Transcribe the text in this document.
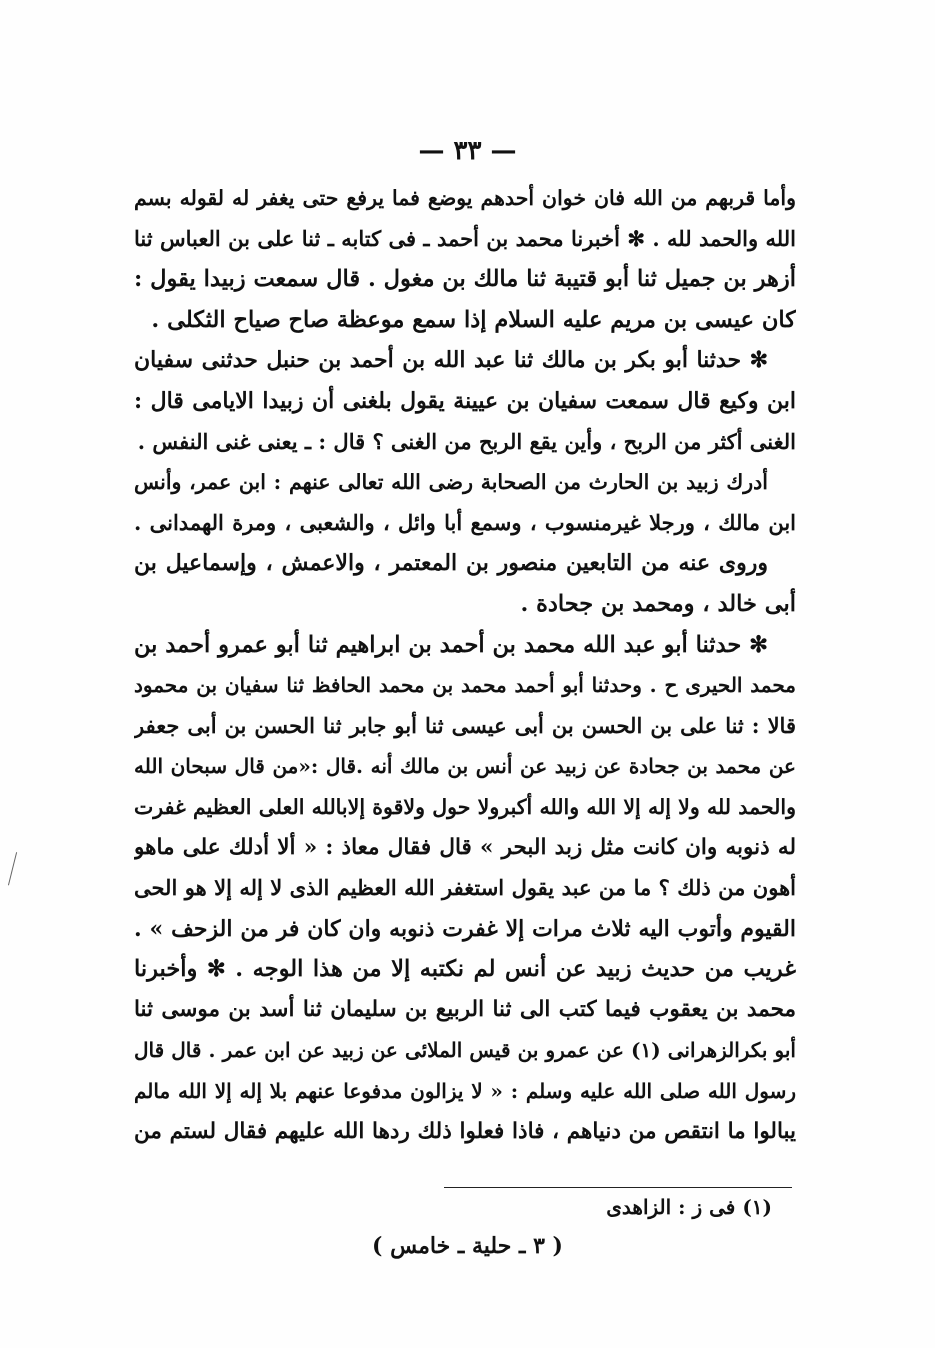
— ٣٣ —
وأما قربهم من الله فان خوان أحدهم يوضع فما يرفع حتى يغفر له لقوله بسم
الله والحمد لله . ✻ أخبرنا محمد بن أحمد ـ فى كتابه ـ ثنا على بن العباس ثنا
أزهر بن جميل ثنا أبو قتيبة ثنا مالك بن مغول . قال سمعت زبيدا يقول :
كان عيسى بن مريم عليه السلام إذا سمع موعظة صاح صياح الثكلى .
✻ حدثنا أبو بكر بن مالك ثنا عبد الله بن أحمد بن حنبل حدثنى سفيان
ابن وكيع قال سمعت سفيان بن عيينة يقول بلغنى أن زبيدا الايامى قال :
الغنى أكثر من الربح ، وأين يقع الربح من الغنى ؟ قال : ـ يعنى غنى النفس .
أدرك زبيد بن الحارث من الصحابة رضى الله تعالى عنهم : ابن عمر، وأنس
ابن مالك ، ورجلا غيرمنسوب ، وسمع أبا وائل ، والشعبى ، ومرة الهمدانى .
وروى عنه من التابعين منصور بن المعتمر ، والاعمش ، وإسماعيل بن
أبى خالد ، ومحمد بن جحادة .
✻ حدثنا أبو عبد الله محمد بن أحمد بن ابراهيم ثنا أبو عمرو أحمد بن
محمد الحيرى ح . وحدثنا أبو أحمد محمد بن محمد الحافظ ثنا سفيان بن محمود
قالا : ثنا على بن الحسن بن أبى عيسى ثنا أبو جابر ثنا الحسن بن أبى جعفر
عن محمد بن جحادة عن زبيد عن أنس بن مالك أنه .قال :«من قال سبحان الله
والحمد لله ولا إله إلا الله والله أكبرولا حول ولاقوة إلابالله العلى العظيم غفرت
له ذنوبه وان كانت مثل زبد البحر » قال فقال معاذ : « ألا أدلك على ماهو
أهون من ذلك ؟ ما من عبد يقول استغفر الله العظيم الذى لا إله إلا هو الحى
القيوم وأتوب اليه ثلاث مرات إلا غفرت ذنوبه وان كان فر من الزحف » .
غريب من حديث زبيد عن أنس لم نكتبه إلا من هذا الوجه . ✻ وأخبرنا
محمد بن يعقوب فيما كتب الى ثنا الربيع بن سليمان ثنا أسد بن موسى ثنا
أبو بكرالزهرانى (١) عن عمرو بن قيس الملائى عن زبيد عن ابن عمر . قال قال
رسول الله صلى الله عليه وسلم : « لا يزالون مدفوعا عنهم بلا إله إلا الله مالم
يبالوا ما انتقص من دنياهم ، فاذا فعلوا ذلك ردها الله عليهم فقال لستم من
(١) فى ز : الزاهدى
( ٣ ـ حلية ـ خامس )
